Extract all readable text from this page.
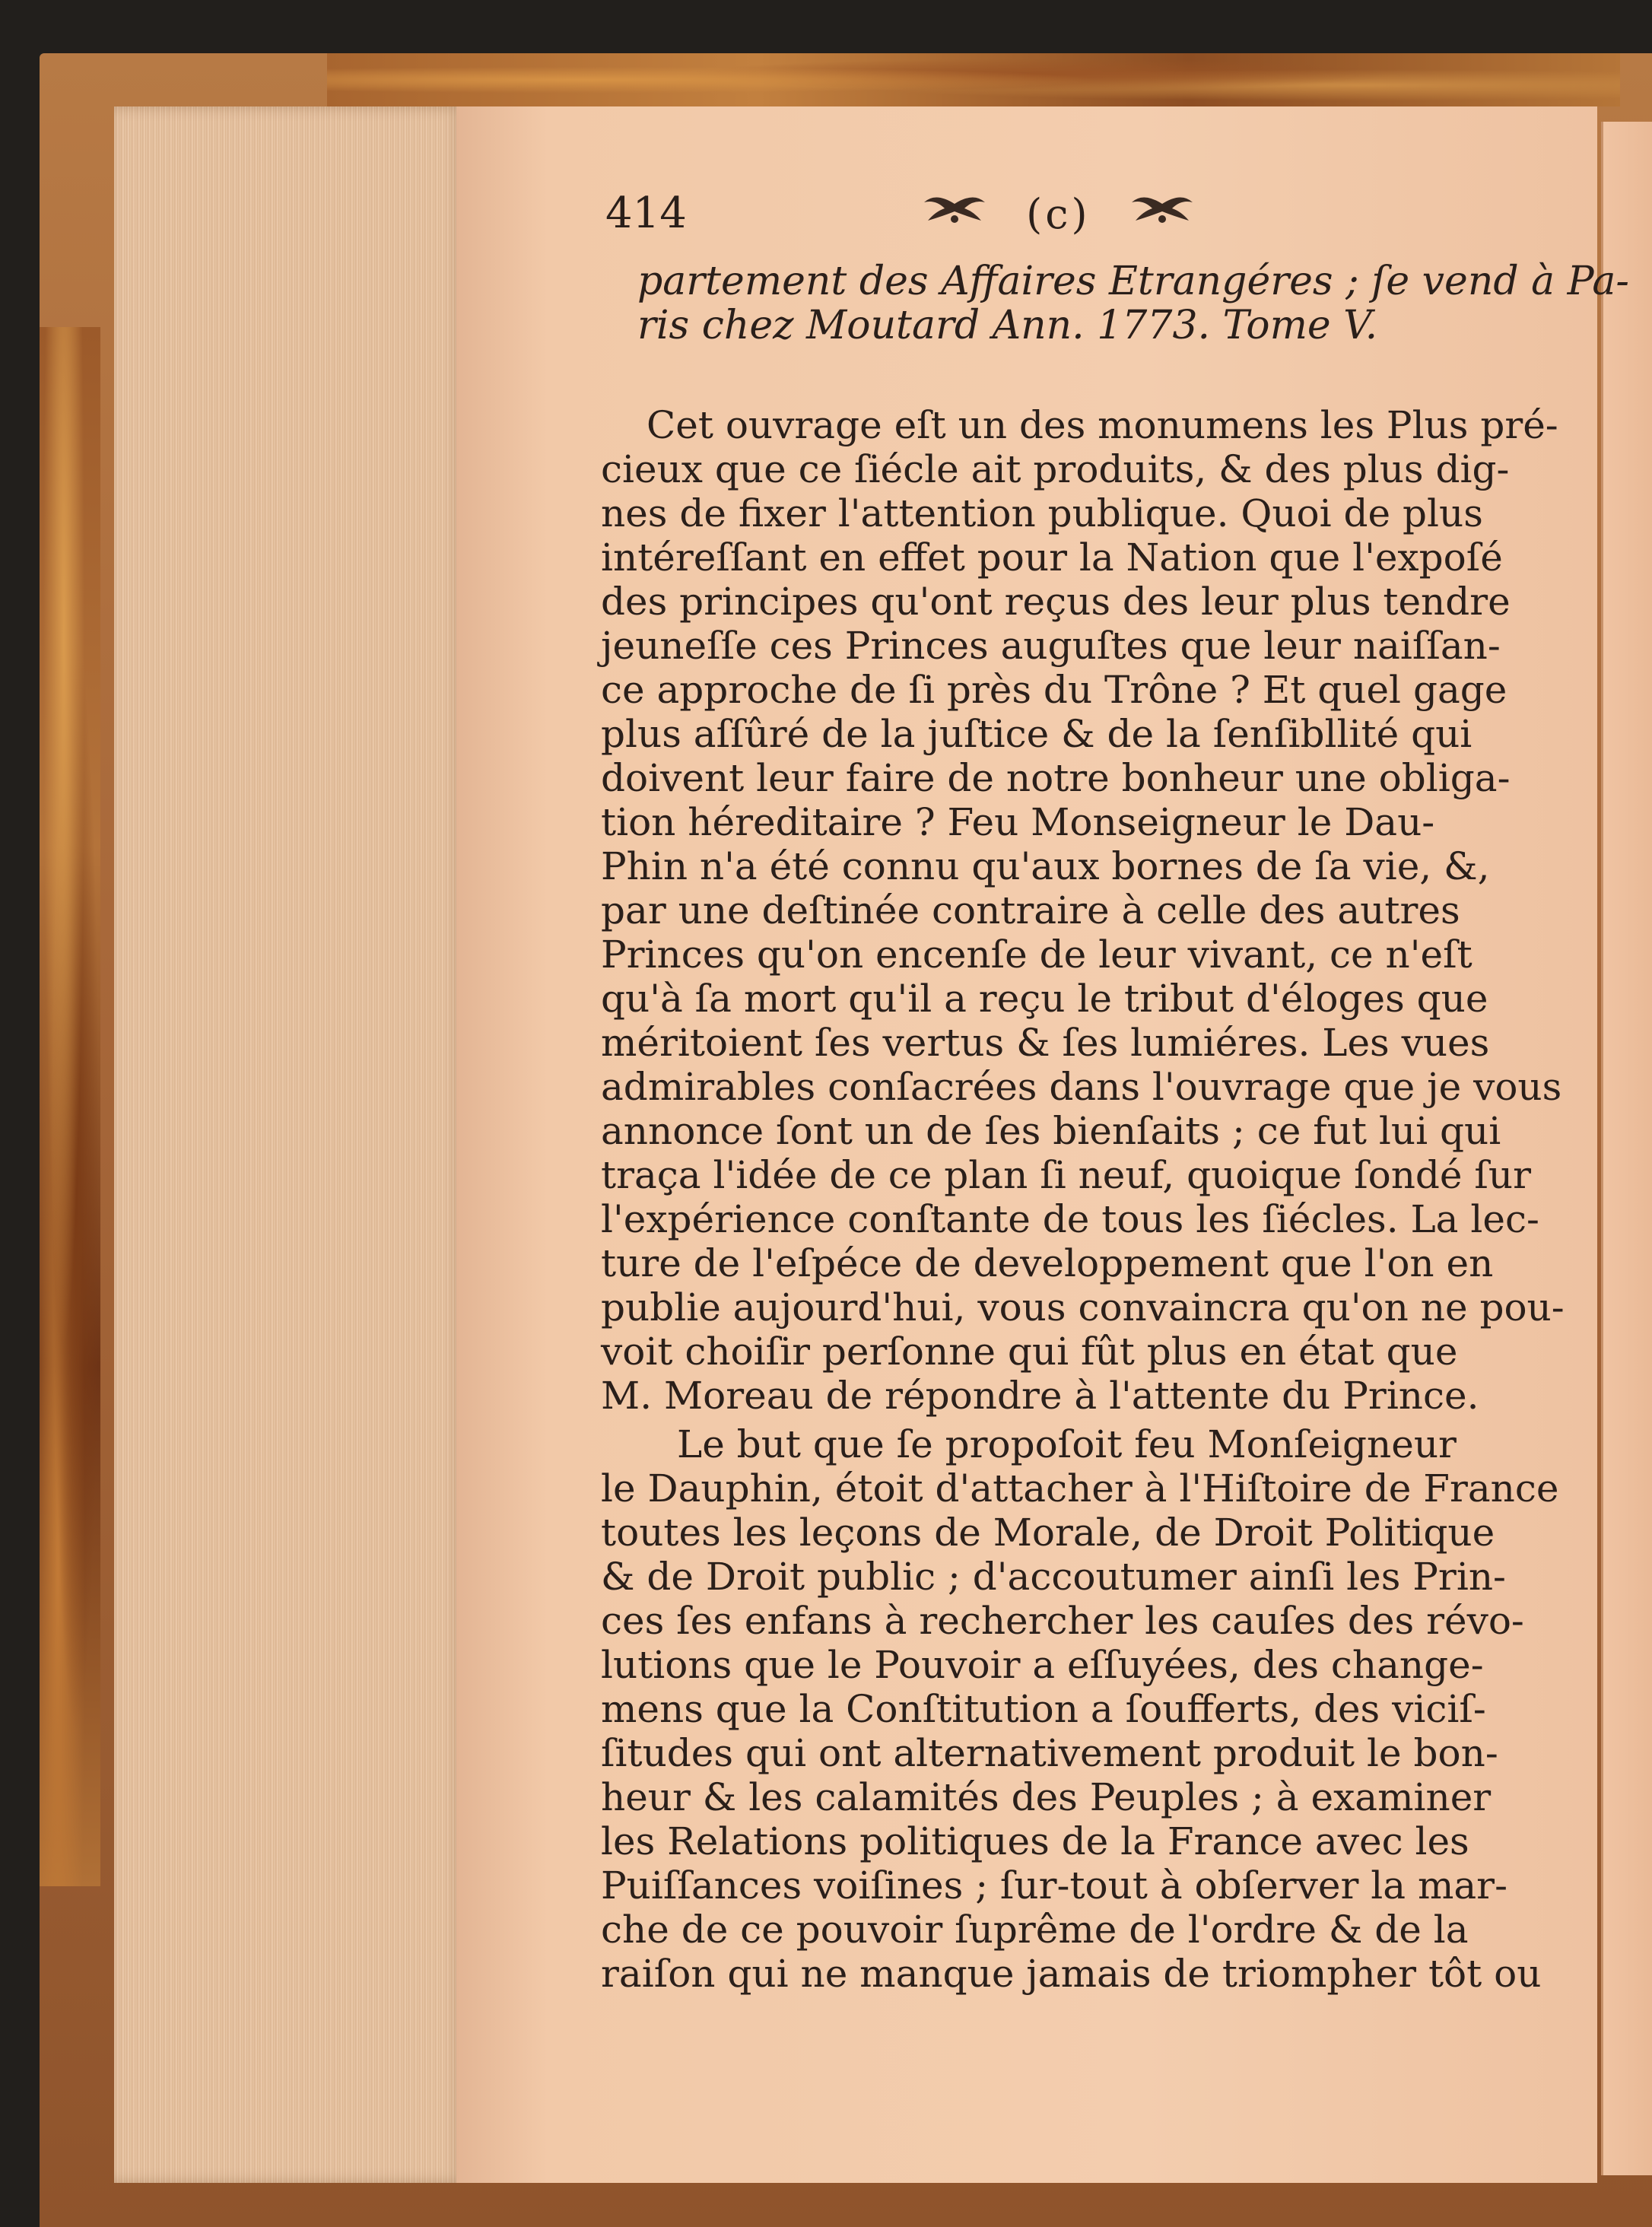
414	(c)
partement des Affaires Etrangéres ; ſe vend à Pa-
ris chez Moutard Ann. 1773. Tome V.
Cet ouvrage eſt un des monumens les Plus pré-
cieux que ce ſiécle ait produits, & des plus dig-
nes de fixer l'attention publique. Quoi de plus
intéreſſant en effet pour la Nation que l'expoſé
des principes qu'ont reçus des leur plus tendre
jeuneſſe ces Princes auguſtes que leur naiſſan-
ce approche de ſi près du Trône ? Et quel gage
plus aſſûré de la juſtice & de la ſenſibllité qui
doivent leur faire de notre bonheur une obliga-
tion héreditaire ? Feu Monseigneur le Dau-
Phin n'a été connu qu'aux bornes de ſa vie, &,
par une deſtinée contraire à celle des autres
Princes qu'on encenſe de leur vivant, ce n'eſt
qu'à ſa mort qu'il a reçu le tribut d'éloges que
méritoient ſes vertus & ſes lumiéres. Les vues
admirables conſacrées dans l'ouvrage que je vous
annonce ſont un de ſes bienſaits ; ce fut lui qui
traça l'idée de ce plan ſi neuf, quoique ſondé ſur
l'expérience conſtante de tous les ſiécles. La lec-
ture de l'eſpéce de developpement que l'on en
publie aujourd'hui, vous convaincra qu'on ne pou-
voit choiſir perſonne qui fût plus en état que
M. Moreau de répondre à l'attente du Prince.
Le but que ſe propoſoit feu Monſeigneur
le Dauphin, étoit d'attacher à l'Hiſtoire de France
toutes les leçons de Morale, de Droit Politique
& de Droit public ; d'accoutumer ainſi les Prin-
ces ſes enfans à rechercher les cauſes des révo-
lutions que le Pouvoir a eſſuyées, des change-
mens que la Conſtitution a ſoufferts, des viciſ-
ſitudes qui ont alternativement produit le bon-
heur & les calamités des Peuples ; à examiner
les Relations politiques de la France avec les
Puiſſances voiſines ; ſur-tout à obſerver la mar-
che de ce pouvoir ſuprême de l'ordre & de la
raiſon qui ne manque jamais de triompher tôt ou
